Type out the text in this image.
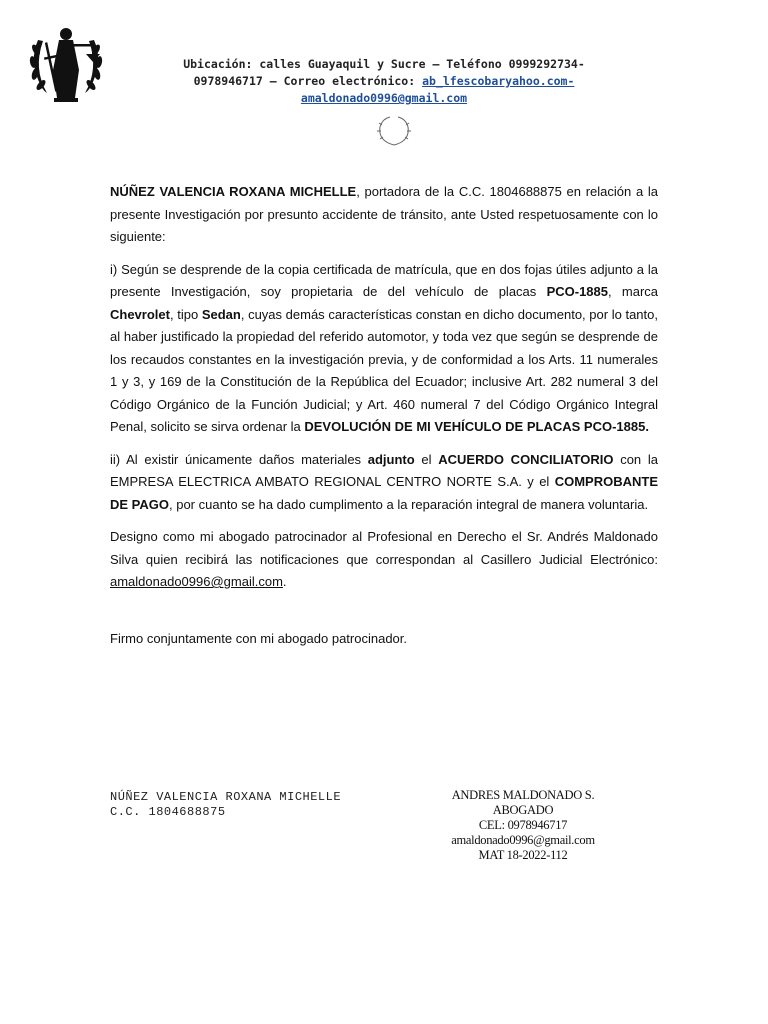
Ubicación: calles Guayaquil y Sucre – Teléfono 0999292734-
0978946717 – Correo electrónico: ab_lfescobaryahoo.com-
amaldonado0996@gmail.com

NÚÑEZ VALENCIA ROXANA MICHELLE, portadora de la C.C. 1804688875 en relación a la presente Investigación por presunto accidente de tránsito, ante Usted respetuosamente con lo siguiente:

i) Según se desprende de la copia certificada de matrícula, que en dos fojas útiles adjunto a la presente Investigación, soy propietaria de del vehículo de placas PCO-1885, marca Chevrolet, tipo Sedan, cuyas demás características constan en dicho documento, por lo tanto, al haber justificado la propiedad del referido automotor, y toda vez que según se desprende de los recaudos constantes en la investigación previa, y de conformidad a los Arts. 11 numerales 1 y 3, y 169 de la Constitución de la República del Ecuador; inclusive Art. 282 numeral 3 del Código Orgánico de la Función Judicial; y Art. 460 numeral 7 del Código Orgánico Integral Penal, solicito se sirva ordenar la DEVOLUCIÓN DE MI VEHÍCULO DE PLACAS PCO-1885.

ii) Al existir únicamente daños materiales adjunto el ACUERDO CONCILIATORIO con la EMPRESA ELECTRICA AMBATO REGIONAL CENTRO NORTE S.A. y el COMPROBANTE DE PAGO, por cuanto se ha dado cumplimento a la reparación integral de manera voluntaria.

Designo como mi abogado patrocinador al Profesional en Derecho el Sr. Andrés Maldonado Silva quien recibirá las notificaciones que correspondan al Casillero Judicial Electrónico: amaldonado0996@gmail.com.

Firmo conjuntamente con mi abogado patrocinador.

NÚÑEZ VALENCIA ROXANA MICHELLE
C.C. 1804688875
ANDRES MALDONADO S.
ABOGADO
CEL: 0978946717
amaldonado0996@gmail.com
MAT 18-2022-112
